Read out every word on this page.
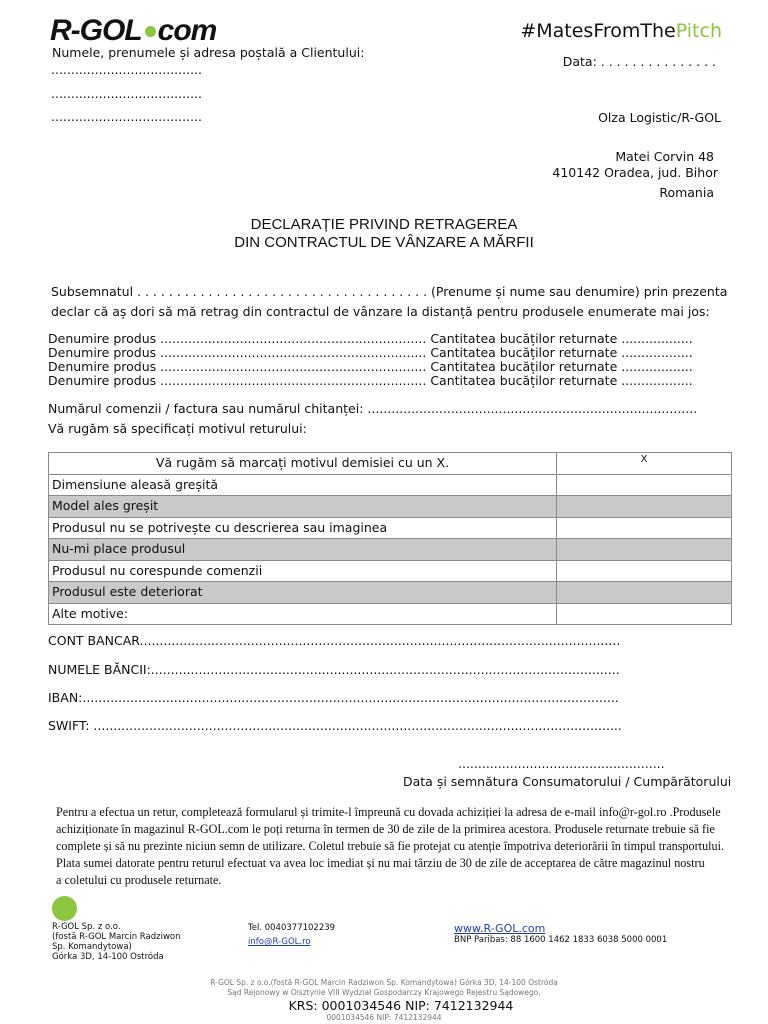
R-GOL com	#MatesFromThePitch
Numele, prenumele și adresa poștală a Clientului:
......................................
......................................
......................................
Data: . . . . . . . . . . . . . . .
Olza Logistic/R-GOL
Matei Corvin 48
410142 Oradea, jud. Bihor
Romania
DECLARAȚIE PRIVIND RETRAGEREA
DIN CONTRACTUL DE VÂNZARE A MĂRFII
Subsemnatul . . . . . . . . . . . . . . . . . . . . . . . . . . . . . . . . . . . . . (Prenume și nume sau denumire) prin prezenta
declar că aș dori să mă retrag din contractul de vânzare la distanță pentru produsele enumerate mai jos:
Denumire produs ................................................................... Cantitatea bucăților returnate ..................
Denumire produs ................................................................... Cantitatea bucăților returnate ..................
Denumire produs ................................................................... Cantitatea bucăților returnate ..................
Denumire produs ................................................................... Cantitatea bucăților returnate ..................
Numărul comenzii / factura sau numărul chitanței: ...................................................................................
Vă rugăm să specificați motivul returului:
Vă rugăm să marcați motivul demisiei cu un X.	X
Dimensiune aleasă greșită	
Model ales greșit	
Produsul nu se potrivește cu descrierea sau imaginea	
Nu-mi place produsul	
Produsul nu corespunde comenzii	
Produsul este deteriorat	
Alte motive:	
CONT BANCAR.........................................................................................................................
NUMELE BĂNCII:......................................................................................................................
IBAN:.......................................................................................................................................
SWIFT: .....................................................................................................................................
....................................................
Data și semnătura Consumatorului / Cumpărătorului
Pentru a efectua un retur, completează formularul și trimite-l împreună cu dovada achiziției la adresa de e-mail info@r-gol.ro .Produsele
achiziționate în magazinul R-GOL.com le poți returna în termen de 30 de zile de la primirea acestora. Produsele returnate trebuie să fie
complete și să nu prezinte niciun semn de utilizare. Coletul trebuie să fie protejat cu atenție împotriva deteriorării în timpul transportului.
Plata sumei datorate pentru returul efectuat va avea loc imediat și nu mai târziu de 30 de zile de acceptarea de către magazinul nostru
a coletului cu produsele returnate.
R-GOL Sp. z o.o.
(fostă R-GOL Marcin Radziwon
Sp. Komandytowa)
Górka 3D, 14-100 Ostróda
Tel. 0040377102239
info@R-GOL.ro
www.R-GOL.com
BNP Paribas: 88 1600 1462 1833 6038 5000 0001
R-GOL Sp. z o.o.(fostă R-GOL Marcin Radziwon Sp. Komandytowa) Górka 3D, 14-100 Ostróda
Sąd Rejonowy w Olsztynie VIII Wydział Gospodarczy Krajowego Rejestru Sądowego,
KRS: 0001034546 NIP: 7412132944
0001034546 NIP: 7412132944
